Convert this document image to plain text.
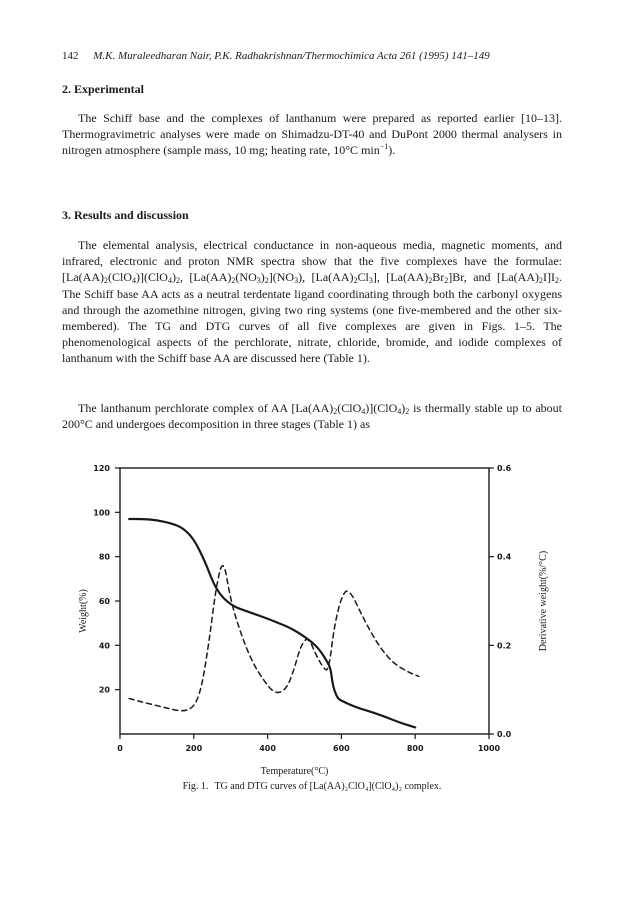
142 M.K. Muraleedharan Nair, P.K. Radhakrishnan/Thermochimica Acta 261 (1995) 141–149
2. Experimental

The Schiff base and the complexes of lanthanum were prepared as reported earlier [10–13]. Thermogravimetric analyses were made on Shimadzu-DT-40 and DuPont 2000 thermal analysers in nitrogen atmosphere (sample mass, 10 mg; heating rate, 10°C $\min^{-1}$).

3. Results and discussion

The elemental analysis, electrical conductance in non-aqueous media, magnetic moments, and infrared, electronic and proton NMR spectra show that the five complexes have the formulae: $[La(AA)_2(ClO_4)](ClO_4)_2$, $[La(AA)_2(NO_3)_2](NO_3)$, $[La(AA)_2Cl_3]$, $[La(AA)_2Br_2]Br$, and $[La(AA)_2I]I_2$. The Schiff base AA acts as a neutral terdentate ligand coordinating through both the carbonyl oxygens and through the azomethine nitrogen, giving two ring systems (one five-membered and the other six-membered). The TG and DTG curves of all five complexes are given in Figs. 1–5. The phenomenological aspects of the perchlorate, nitrate, chloride, bromide, and iodide complexes of lanthanum with the Schiff base AA are discussed here (Table 1).

The lanthanum perchlorate complex of AA $[La(AA)_2(ClO_4)](ClO_4)_2$ is thermally stable up to about 200°C and undergoes decomposition in three stages (Table 1) as

0	200	400	600	800	1000
20
40
60
80
100
120
0.0
0.2
0.4
0.6
Temperature(°C)
Weight(%)	Derivative weight(%/°C)
Fig. 1. TG and DTG curves of [La(AA)₂ClO₄](ClO₄)₂ complex.
